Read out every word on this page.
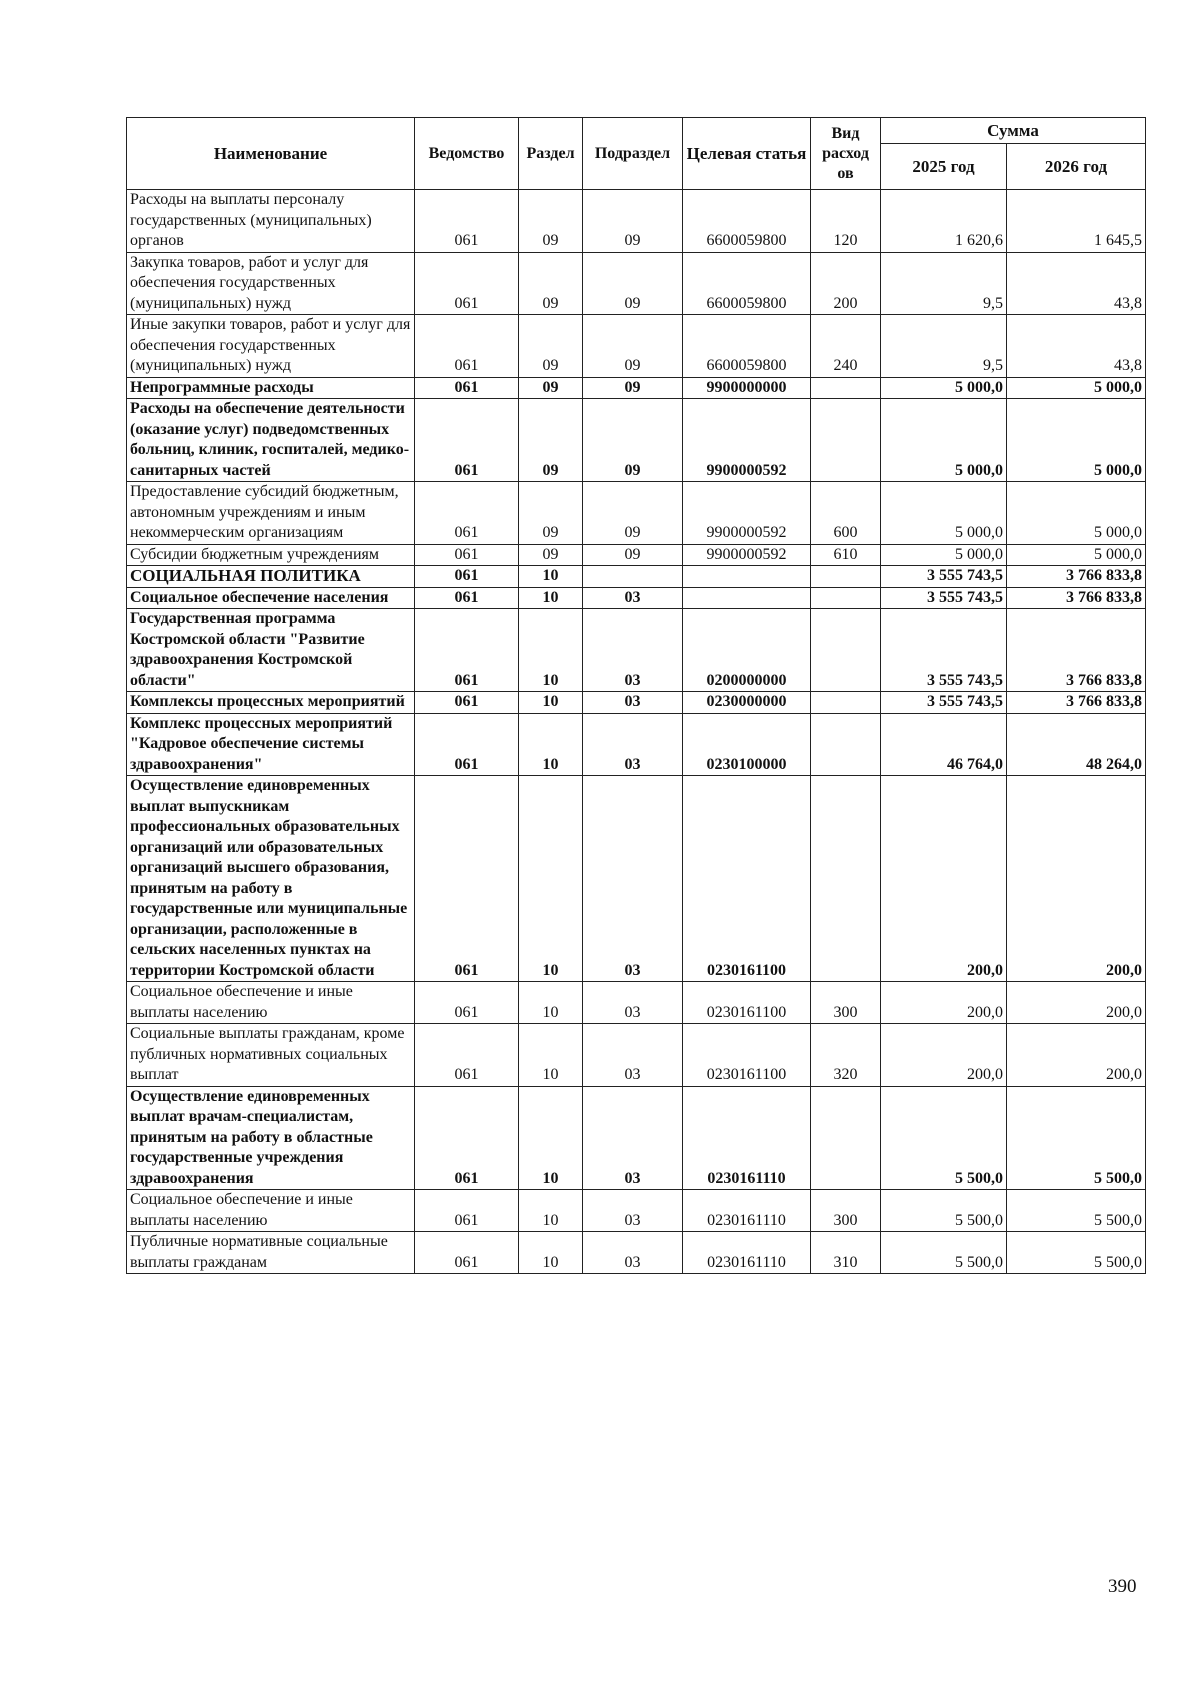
Наименование	Ведомство	Раздел	Подраздел	Целевая статья	Вид расход ов	Сумма	
						2025 год	2026 год
Расходы на выплаты персоналу государственных (муниципальных) органов	061	09	09	6600059800	120	1 620,6	1 645,5
Закупка товаров, работ и услуг для обеспечения государственных (муниципальных) нужд	061	09	09	6600059800	200	9,5	43,8
Иные закупки товаров, работ и услуг для обеспечения государственных (муниципальных) нужд	061	09	09	6600059800	240	9,5	43,8
Непрограммные расходы	061	09	09	9900000000		5 000,0	5 000,0
Расходы на обеспечение деятельности (оказание услуг) подведомственных больниц, клиник, госпиталей, медико-санитарных частей	061	09	09	9900000592		5 000,0	5 000,0
Предоставление субсидий бюджетным, автономным учреждениям и иным некоммерческим организациям	061	09	09	9900000592	600	5 000,0	5 000,0
Субсидии бюджетным учреждениям	061	09	09	9900000592	610	5 000,0	5 000,0
СОЦИАЛЬНАЯ ПОЛИТИКА	061	10				3 555 743,5	3 766 833,8
Социальное обеспечение населения	061	10	03			3 555 743,5	3 766 833,8
Государственная программа Костромской области "Развитие здравоохранения Костромской области"	061	10	03	0200000000		3 555 743,5	3 766 833,8
Комплексы процессных мероприятий	061	10	03	0230000000		3 555 743,5	3 766 833,8
Комплекс процессных мероприятий "Кадровое обеспечение системы здравоохранения"	061	10	03	0230100000		46 764,0	48 264,0
Осуществление единовременных выплат выпускникам профессиональных образовательных организаций или образовательных организаций высшего образования, принятым на работу в государственные или муниципальные организации, расположенные в сельских населенных пунктах на территории Костромской области	061	10	03	0230161100		200,0	200,0
Социальное обеспечение и иные выплаты населению	061	10	03	0230161100	300	200,0	200,0
Социальные выплаты гражданам, кроме публичных нормативных социальных выплат	061	10	03	0230161100	320	200,0	200,0
Осуществление единовременных выплат врачам-специалистам, принятым на работу в областные государственные учреждения здравоохранения	061	10	03	0230161110		5 500,0	5 500,0
Социальное обеспечение и иные выплаты населению	061	10	03	0230161110	300	5 500,0	5 500,0
Публичные нормативные социальные выплаты гражданам	061	10	03	0230161110	310	5 500,0	5 500,0
390
